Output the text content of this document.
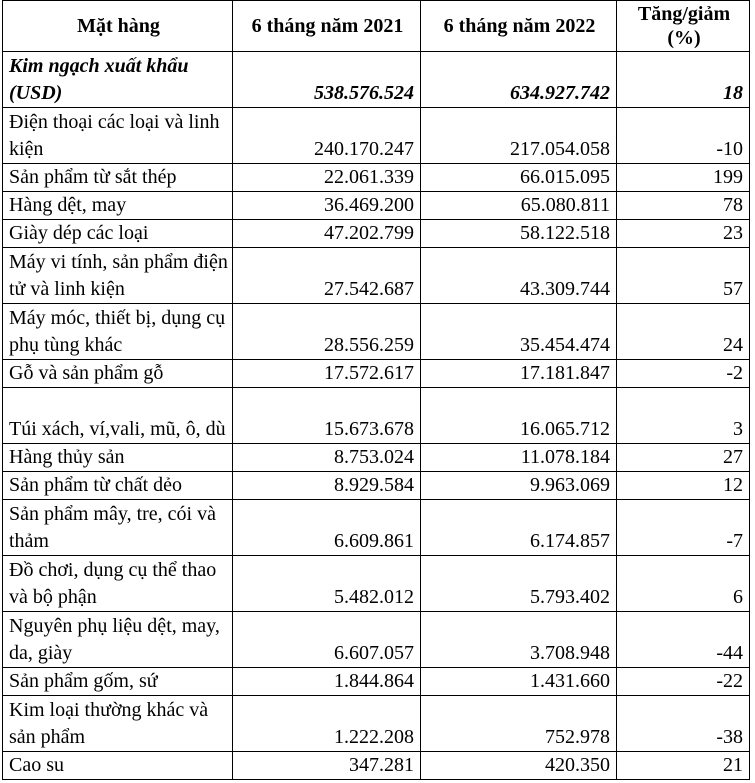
Mặt hàng	6 tháng năm 2021	6 tháng năm 2022	Tăng/giảm (%)
Kim ngạch xuất khẩu (USD)	538.576.524	634.927.742	18
Điện thoại các loại và linh kiện	240.170.247	217.054.058	-10
Sản phẩm từ sắt thép	22.061.339	66.015.095	199
Hàng dệt, may	36.469.200	65.080.811	78
Giày dép các loại	47.202.799	58.122.518	23
Máy vi tính, sản phẩm điện tử và linh kiện	27.542.687	43.309.744	57
Máy móc, thiết bị, dụng cụ phụ tùng khác	28.556.259	35.454.474	24
Gỗ và sản phẩm gỗ	17.572.617	17.181.847	-2
Túi xách, ví,vali, mũ, ô, dù	15.673.678	16.065.712	3
Hàng thủy sản	8.753.024	11.078.184	27
Sản phẩm từ chất dẻo	8.929.584	9.963.069	12
Sản phẩm mây, tre, cói và thảm	6.609.861	6.174.857	-7
Đồ chơi, dụng cụ thể thao và bộ phận	5.482.012	5.793.402	6
Nguyên phụ liệu dệt, may, da, giày	6.607.057	3.708.948	-44
Sản phẩm gốm, sứ	1.844.864	1.431.660	-22
Kim loại thường khác và sản phẩm	1.222.208	752.978	-38
Cao su	347.281	420.350	21
